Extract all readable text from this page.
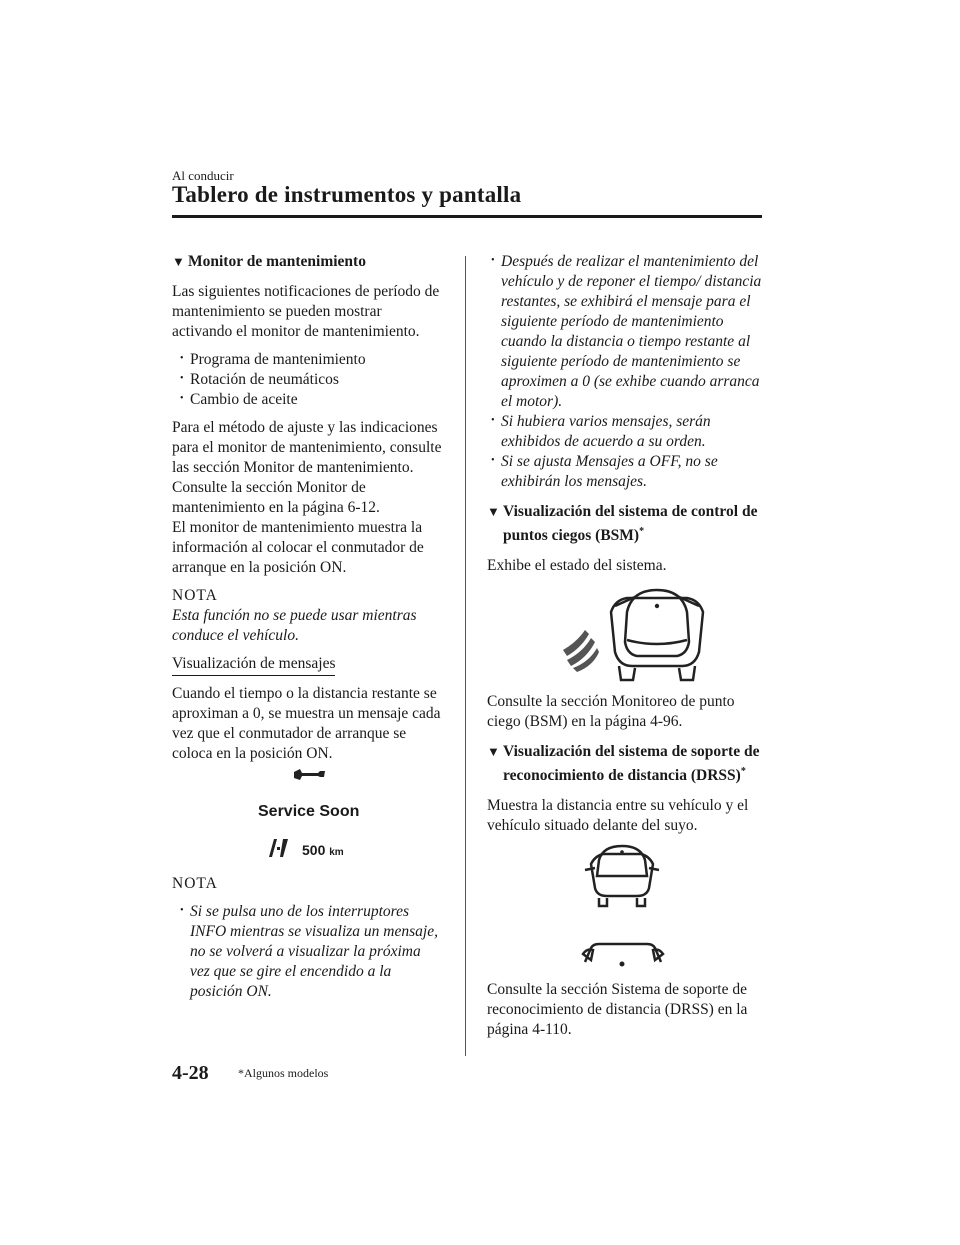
Al conducir
Tablero de instrumentos y pantalla

▼ Monitor de mantenimiento

Las siguientes notificaciones de período de mantenimiento se pueden mostrar activando el monitor de mantenimiento.

• Programa de mantenimiento

• Rotación de neumáticos

• Cambio de aceite

Para el método de ajuste y las indicaciones para el monitor de mantenimiento, consulte las sección Monitor de mantenimiento.

Consulte la sección Monitor de mantenimiento en la página 6-12.

El monitor de mantenimiento muestra la información al colocar el conmutador de arranque en la posición ON.

NOTA

Esta función no se puede usar mientras conduce el vehículo.

Visualización de mensajes

Cuando el tiempo o la distancia restante se aproximan a 0, se muestra un mensaje cada vez que el conmutador de arranque se coloca en la posición ON.

Service Soon
500 km

NOTA

• Si se pulsa uno de los interruptores INFO mientras se visualiza un mensaje, no se volverá a visualizar la próxima vez que se gire el encendido a la posición ON.

• Después de realizar el mantenimiento del vehículo y de reponer el tiempo/ distancia restantes, se exhibirá el mensaje para el siguiente período de mantenimiento cuando la distancia o tiempo restante al siguiente período de mantenimiento se aproximen a 0 (se exhibe cuando arranca el motor).

• Si hubiera varios mensajes, serán exhibidos de acuerdo a su orden.

• Si se ajusta Mensajes a OFF, no se exhibirán los mensajes.

▼ Visualización del sistema de control de puntos ciegos (BSM)*

Exhibe el estado del sistema.

Consulte la sección Monitoreo de punto ciego (BSM) en la página 4-96.

▼ Visualización del sistema de soporte de reconocimiento de distancia (DRSS)*

Muestra la distancia entre su vehículo y el vehículo situado delante del suyo.

Consulte la sección Sistema de soporte de reconocimiento de distancia (DRSS) en la página 4-110.

4-28 *Algunos modelos
